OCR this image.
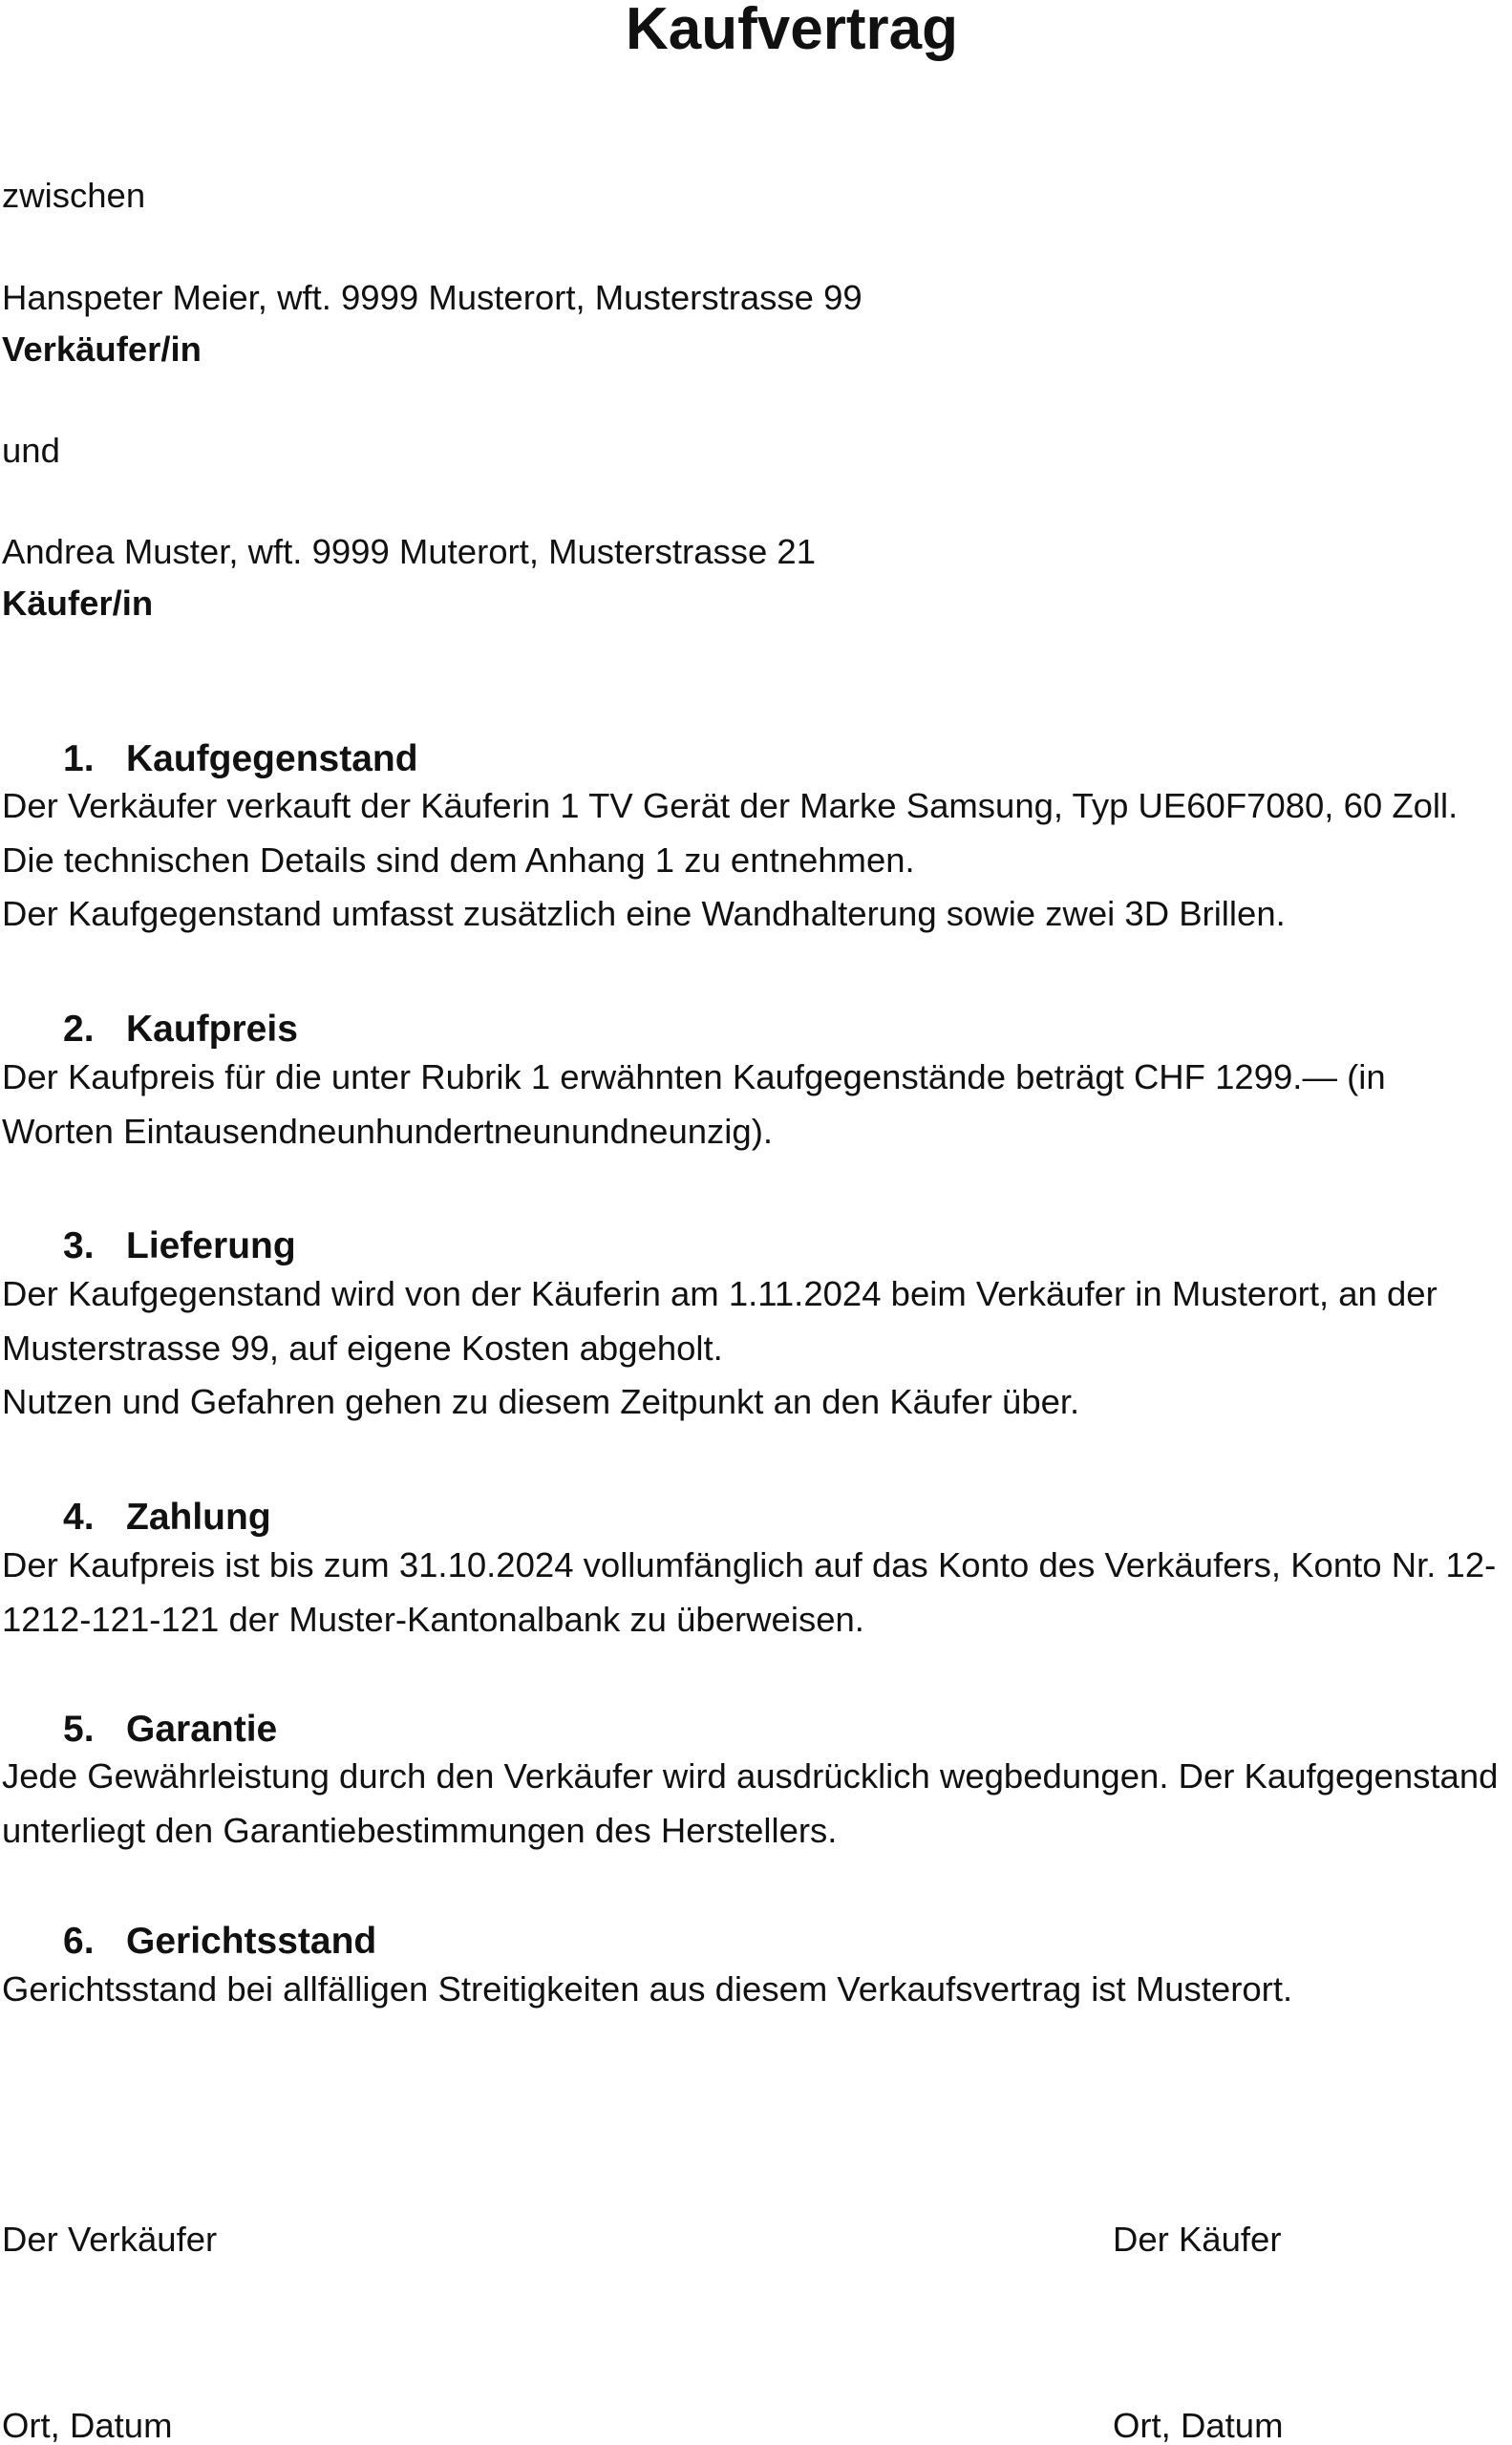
Kaufvertrag
zwischen
Hanspeter Meier, wft. 9999 Musterort, Musterstrasse 99
Verkäufer/in
und
Andrea Muster, wft. 9999 Muterort, Musterstrasse 21
Käufer/in
1. Kaufgegenstand

Der Verkäufer verkauft der Käuferin 1 TV Gerät der Marke Samsung, Typ UE60F7080, 60 Zoll. Die technischen Details sind dem Anhang 1 zu entnehmen.

Der Kaufgegenstand umfasst zusätzlich eine Wandhalterung sowie zwei 3D Brillen.

2. Kaufpreis

Der Kaufpreis für die unter Rubrik 1 erwähnten Kaufgegenstände beträgt CHF 1299.— (in Worten Eintausendneunhundertneunundneunzig).

3. Lieferung

Der Kaufgegenstand wird von der Käuferin am 1.11.2024 beim Verkäufer in Musterort, an der Musterstrasse 99, auf eigene Kosten abgeholt.

Nutzen und Gefahren gehen zu diesem Zeitpunkt an den Käufer über.

4. Zahlung

Der Kaufpreis ist bis zum 31.10.2024 vollumfänglich auf das Konto des Verkäufers, Konto Nr. 12-1212-121-121 der Muster-Kantonalbank zu überweisen.

5. Garantie

Jede Gewährleistung durch den Verkäufer wird ausdrücklich wegbedungen. Der Kaufgegenstand unterliegt den Garantiebestimmungen des Herstellers.

6. Gerichtsstand

Gerichtsstand bei allfälligen Streitigkeiten aus diesem Verkaufsvertrag ist Musterort.

Der Verkäufer	Der Käufer
Ort, Datum	Ort, Datum
